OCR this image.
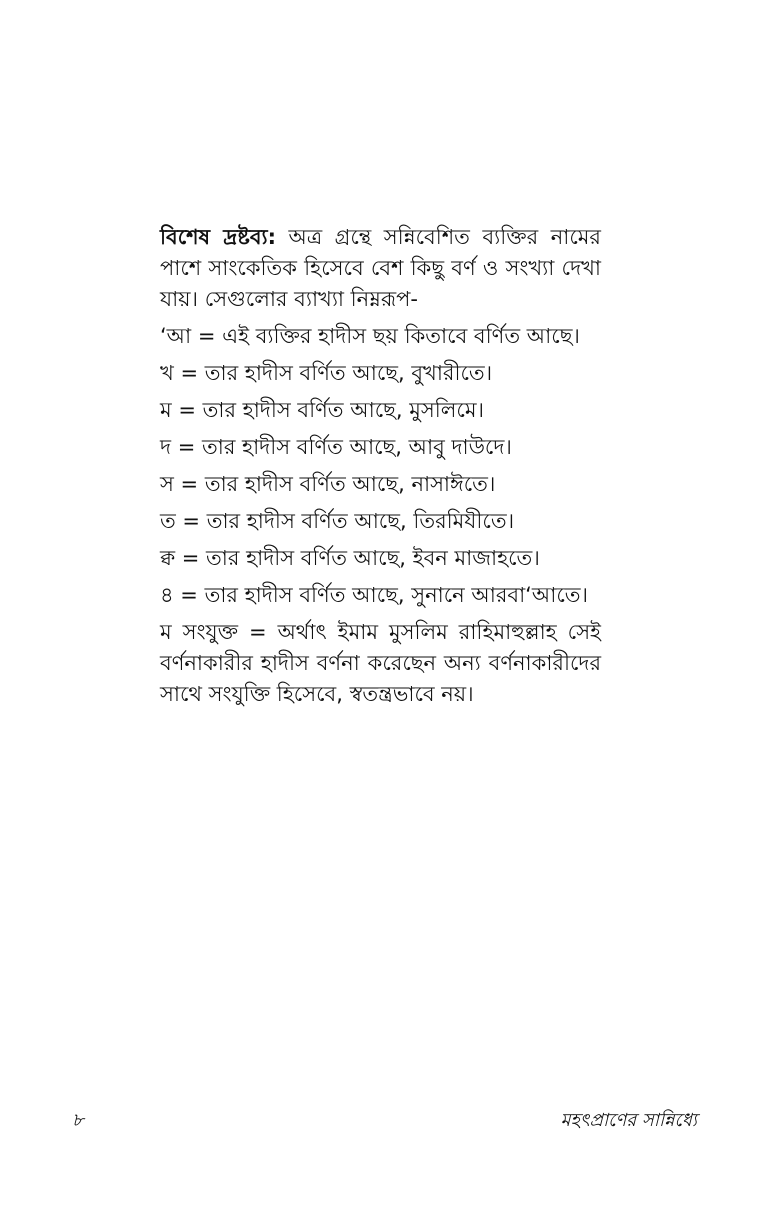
বিশেষ দ্রষ্টব্য: অত্র গ্রন্থে সন্নিবেশিত ব্যক্তির নামের পাশে সাংকেতিক হিসেবে বেশ কিছু বর্ণ ও সংখ্যা দেখা যায়। সেগুলোর ব্যাখ্যা নিম্নরূপ-

‘আ = এই ব্যক্তির হাদীস ছয় কিতাবে বর্ণিত আছে।

খ = তার হাদীস বর্ণিত আছে, বুখারীতে।

ম = তার হাদীস বর্ণিত আছে, মুসলিমে।

দ = তার হাদীস বর্ণিত আছে, আবু দাউদে।

স = তার হাদীস বর্ণিত আছে, নাসাঈতে।

ত = তার হাদীস বর্ণিত আছে, তিরমিযীতে।

ক্ব = তার হাদীস বর্ণিত আছে, ইবন মাজাহতে।

৪ = তার হাদীস বর্ণিত আছে, সুনানে আরবা‘আতে।

ম সংযুক্ত = অর্থাৎ ইমাম মুসলিম রাহিমাহুল্লাহ সেই বর্ণনাকারীর হাদীস বর্ণনা করেছেন অন্য বর্ণনাকারীদের সাথে সংযুক্তি হিসেবে, স্বতন্ত্রভাবে নয়।

৮	মহৎপ্রাণের সান্নিধ্যে
